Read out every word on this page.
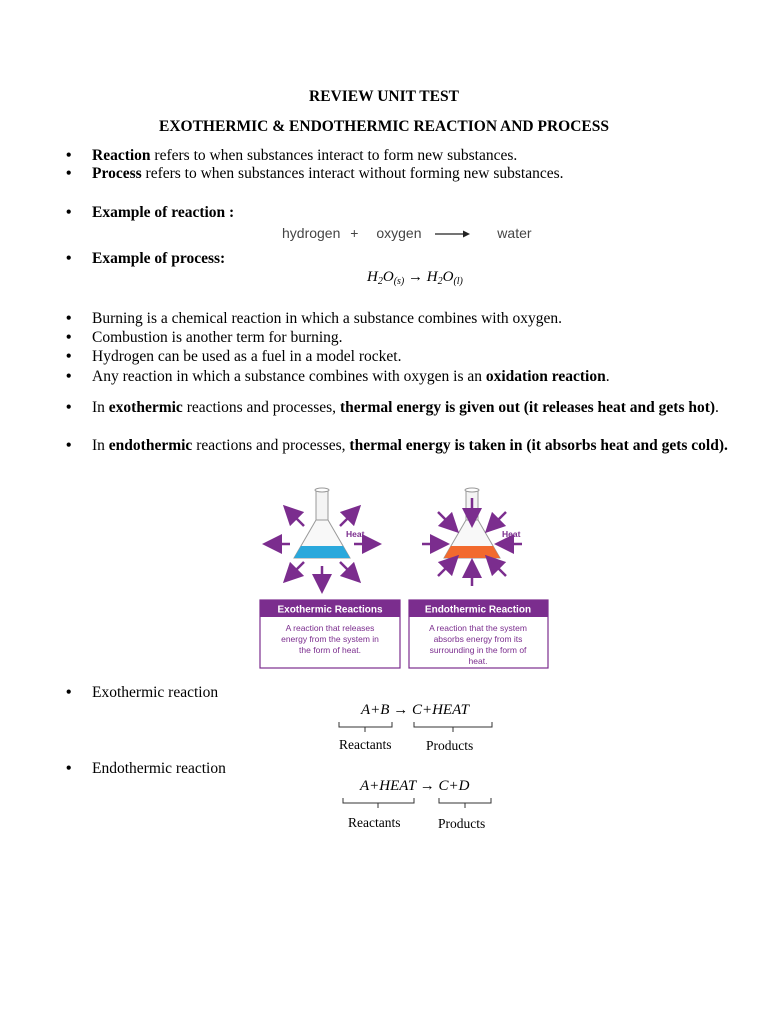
REVIEW UNIT TEST
EXOTHERMIC & ENDOTHERMIC REACTION AND PROCESS
•	Reaction refers to when substances interact to form new substances.
•	Process refers to when substances interact without forming new substances.
•	Example of reaction :
hydrogen + oxygen	water
•	Example of process:
$H_2O_{(s)} \to H_2O_{(l)}$
•	Burning is a chemical reaction in which a substance combines with oxygen.
•	Combustion is another term for burning.
•	Hydrogen can be used as a fuel in a model rocket.
•	Any reaction in which a substance combines with oxygen is an oxidation reaction.
•	In exothermic reactions and processes, thermal energy is given out (it releases heat and gets hot).
•	In endothermic reactions and processes, thermal energy is taken in (it absorbs heat and gets cold).
Heat	Heat
Exothermic Reactions
A reaction that releases
energy from the system in
the form of heat.
Endothermic Reaction
A reaction that the system
absorbs energy from its
surrounding in the form of
heat.
•	Exothermic reaction
A+B → C+HEAT
Reactants	Products
•	Endothermic reaction
A+HEAT → C+D
Reactants	Products
